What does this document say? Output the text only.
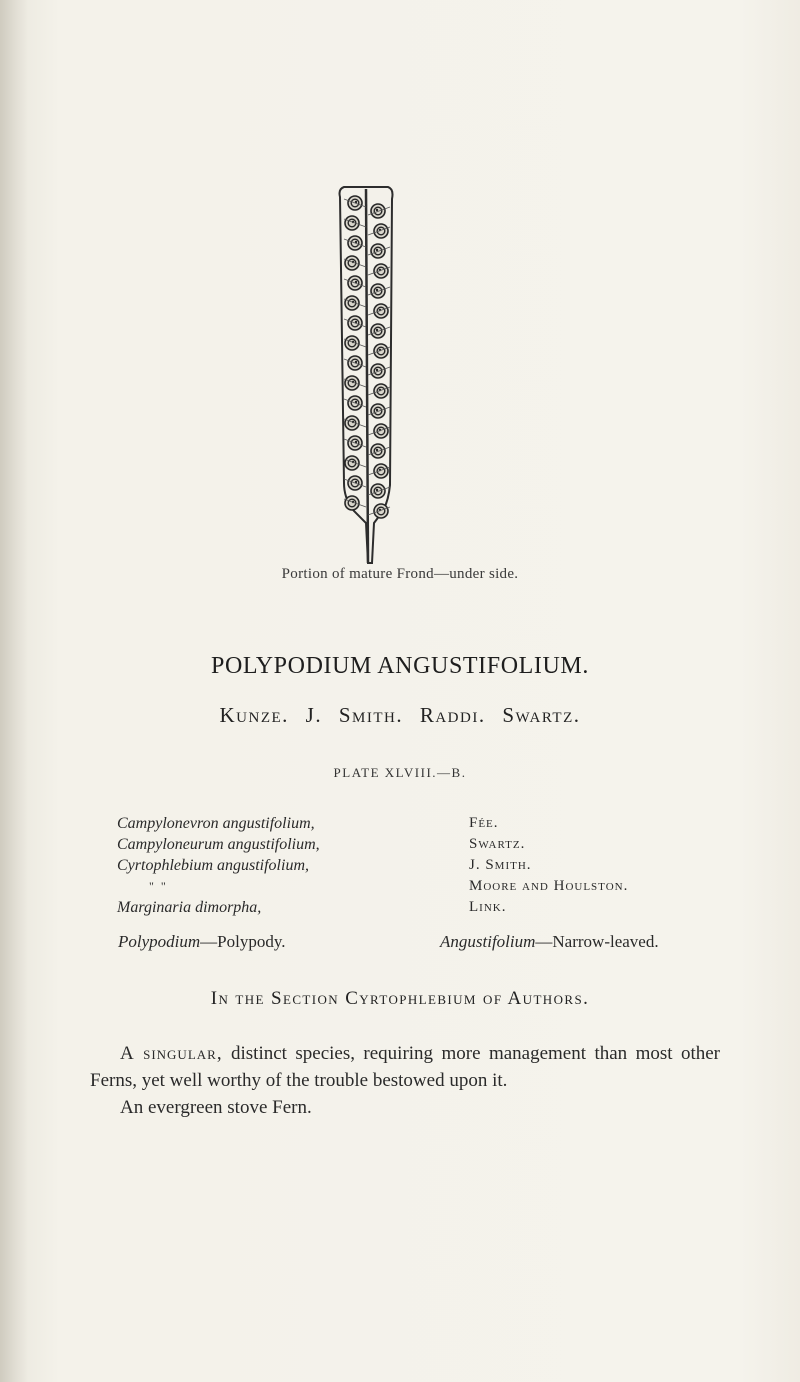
Portion of mature Frond—under side.
POLYPODIUM ANGUSTIFOLIUM.
Kunze. J. Smith. Raddi. Swartz.
PLATE XLVIII.—B.
Campylonevron angustifolium,
Campyloneurum angustifolium,
Cyrtophlebium angustifolium,
" "
Marginaria dimorpha,
Fée.
Swartz.
J. Smith.
Moore and Houlston.
Link.
Polypodium—Polypody.	Angustifolium—Narrow-leaved.
In the Section Cyrtophlebium of Authors.

A singular, distinct species, requiring more management than most other Ferns, yet well worthy of the trouble bestowed upon it.

An evergreen stove Fern.
